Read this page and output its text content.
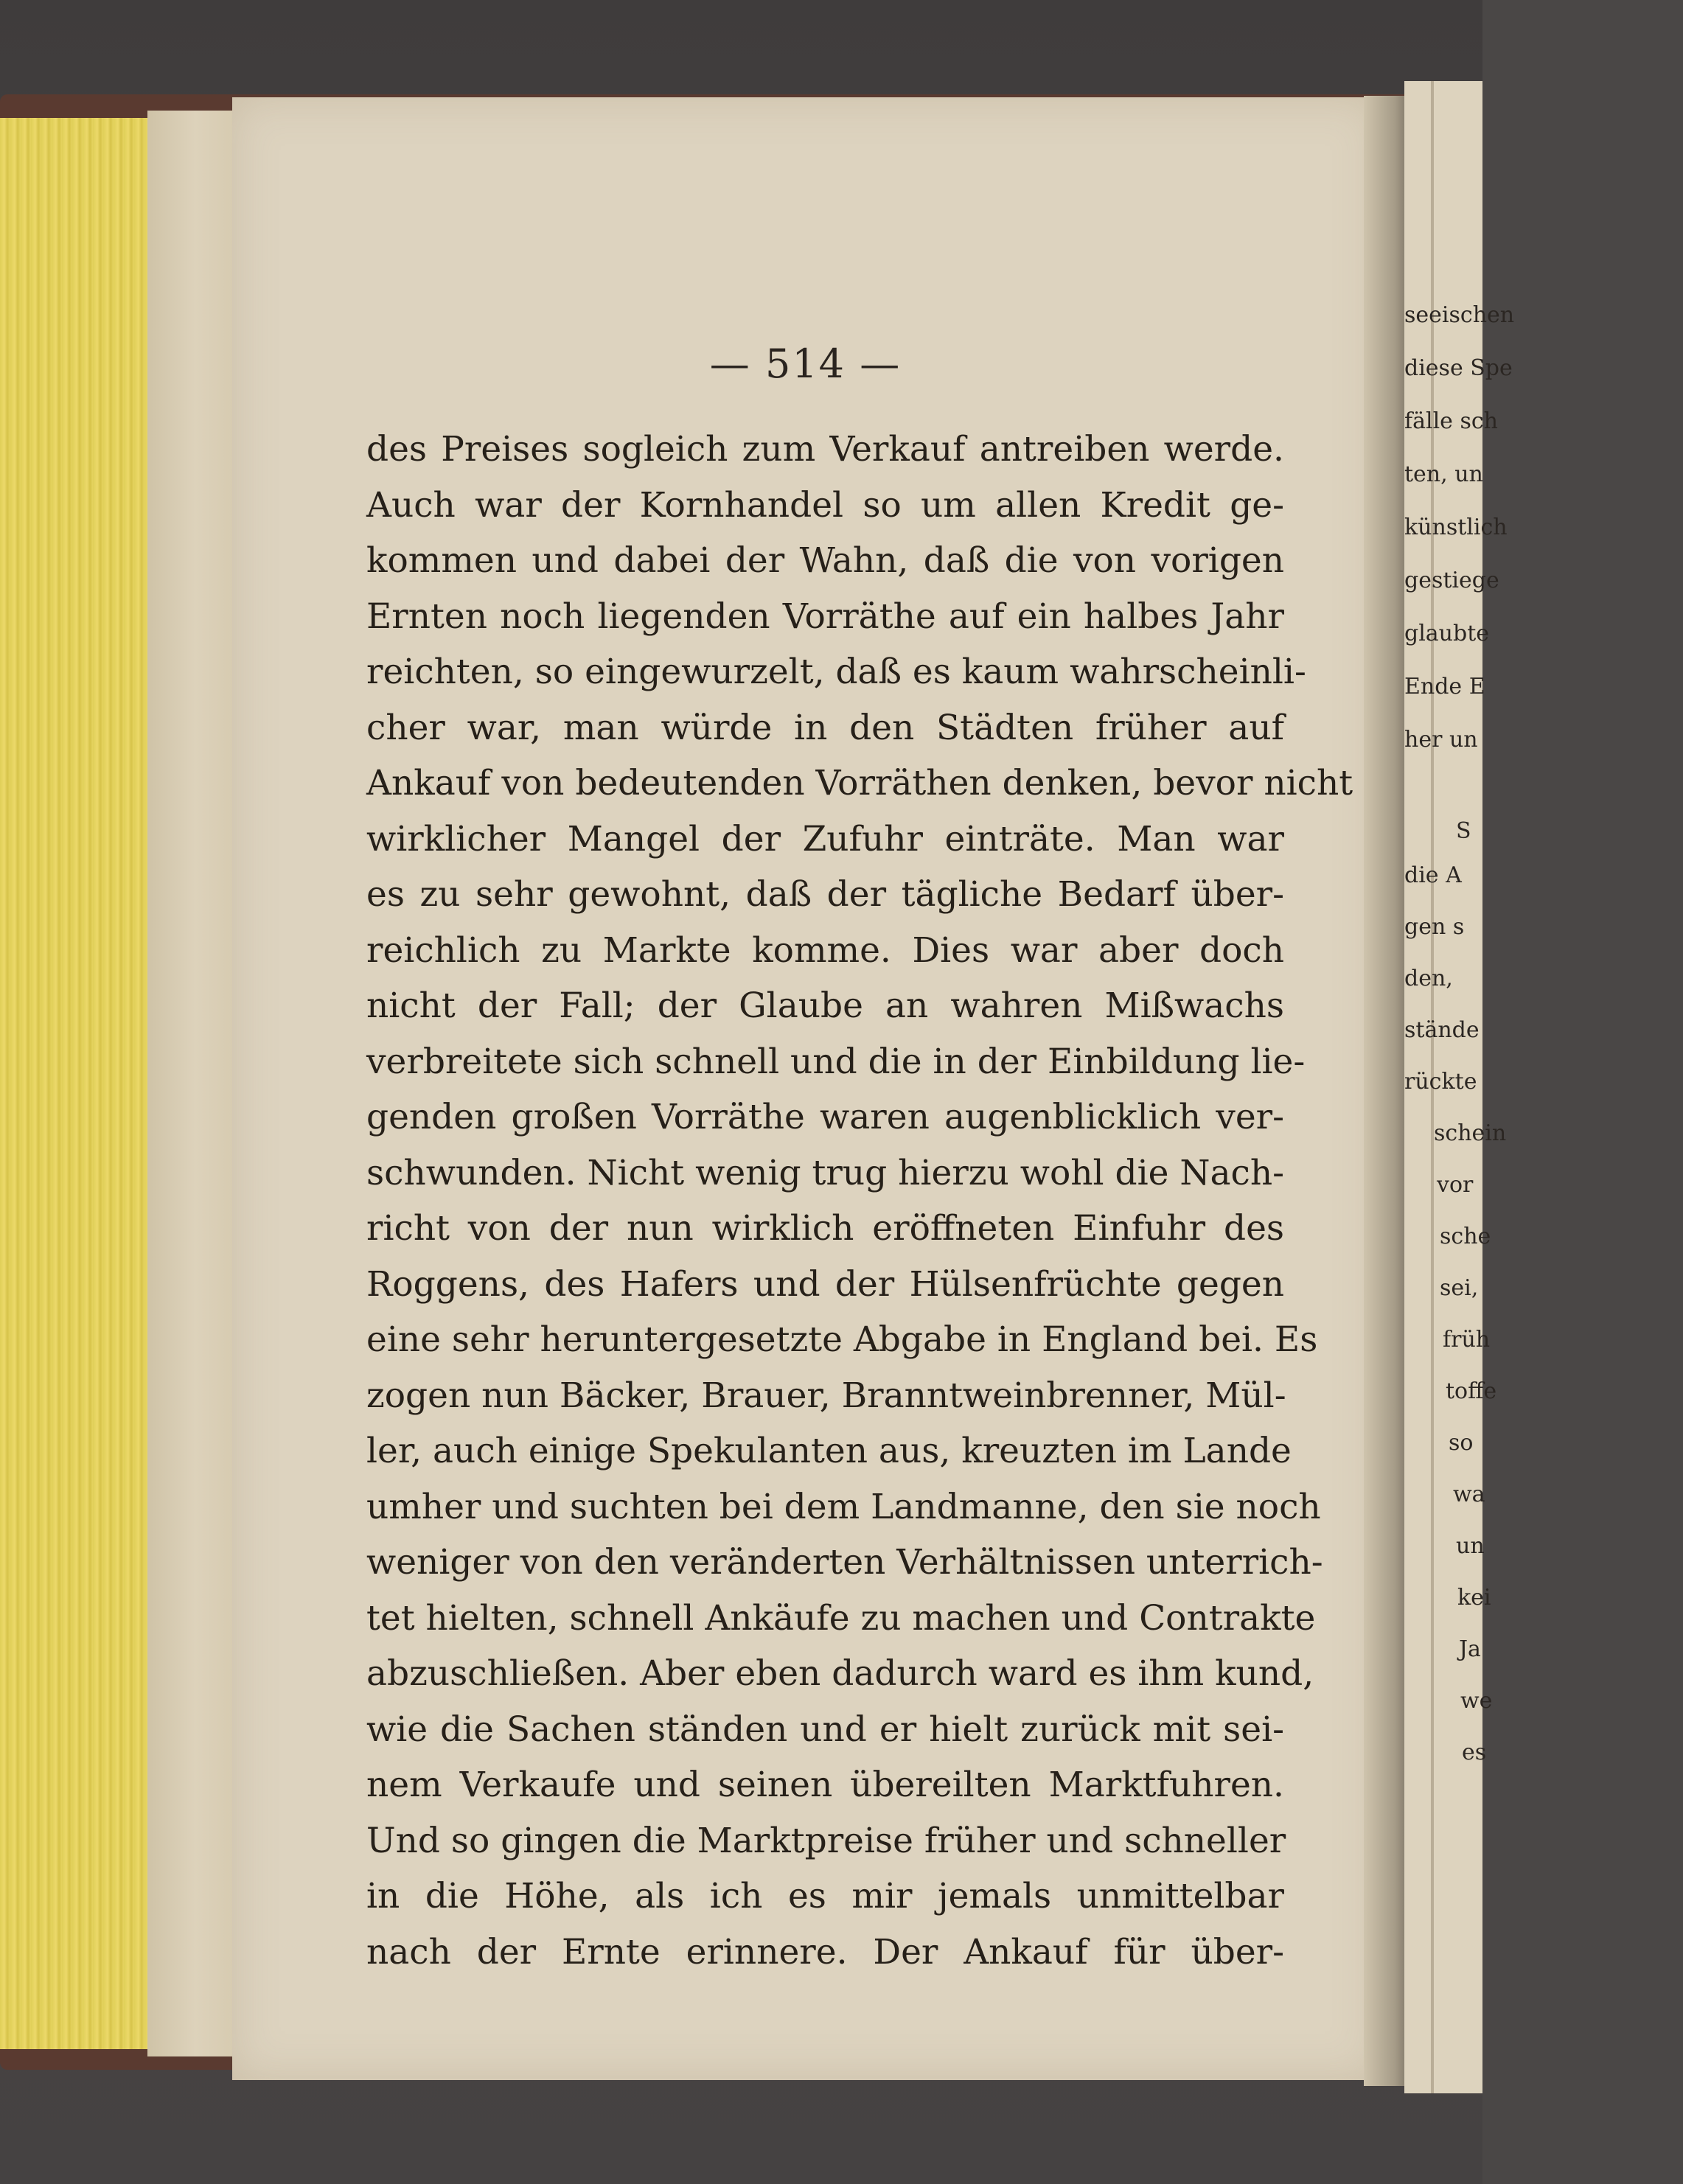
— 514 —
des Preises sogleich zum Verkauf antreiben werde.
Auch war der Kornhandel so um allen Kredit ge-
kommen und dabei der Wahn, daß die von vorigen
Ernten noch liegenden Vorräthe auf ein halbes Jahr
reichten, so eingewurzelt, daß es kaum wahrscheinli-
cher war, man würde in den Städten früher auf
Ankauf von bedeutenden Vorräthen denken, bevor nicht
wirklicher Mangel der Zufuhr einträte. Man war
es zu sehr gewohnt, daß der tägliche Bedarf über-
reichlich zu Markte komme. Dies war aber doch
nicht der Fall; der Glaube an wahren Mißwachs
verbreitete sich schnell und die in der Einbildung lie-
genden großen Vorräthe waren augenblicklich ver-
schwunden. Nicht wenig trug hierzu wohl die Nach-
richt von der nun wirklich eröffneten Einfuhr des
Roggens, des Hafers und der Hülsenfrüchte gegen
eine sehr heruntergesetzte Abgabe in England bei. Es
zogen nun Bäcker, Brauer, Branntweinbrenner, Mül-
ler, auch einige Spekulanten aus, kreuzten im Lande
umher und suchten bei dem Landmanne, den sie noch
weniger von den veränderten Verhältnissen unterrich-
tet hielten, schnell Ankäufe zu machen und Contrakte
abzuschließen. Aber eben dadurch ward es ihm kund,
wie die Sachen ständen und er hielt zurück mit sei-
nem Verkaufe und seinen übereilten Marktfuhren.
Und so gingen die Marktpreise früher und schneller
in die Höhe, als ich es mir jemals unmittelbar
nach der Ernte erinnere. Der Ankauf für über-
seeischen
diese Spe
fälle sch
ten, un
künstlich
gestiege
glaubte
Ende E
her un
S
die A
gen s
den,
stände
rückte
schein
vor
sche
sei,
früh
toffe
so
wa
un
kei
Ja
we
es
